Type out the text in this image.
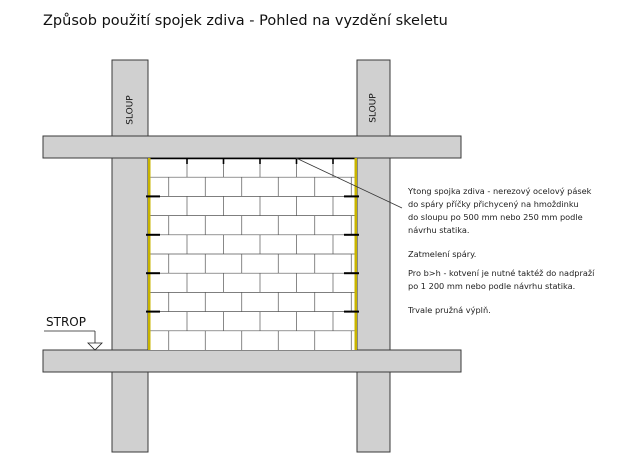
Způsob použití spojek zdiva - Pohled na vyzdění skeletu
SLOUP	SLOUP
STROP
Ytong spojka zdiva - nerezový ocelový pásek
do spáry příčky přichycený na hmoždinku
do sloupu po 500 mm nebo 250 mm podle
návrhu statika.
Zatmelení spáry.
Pro b>h - kotvení je nutné taktéž do nadpraží
po 1 200 mm nebo podle návrhu statika.
Trvale pružná výplň.
